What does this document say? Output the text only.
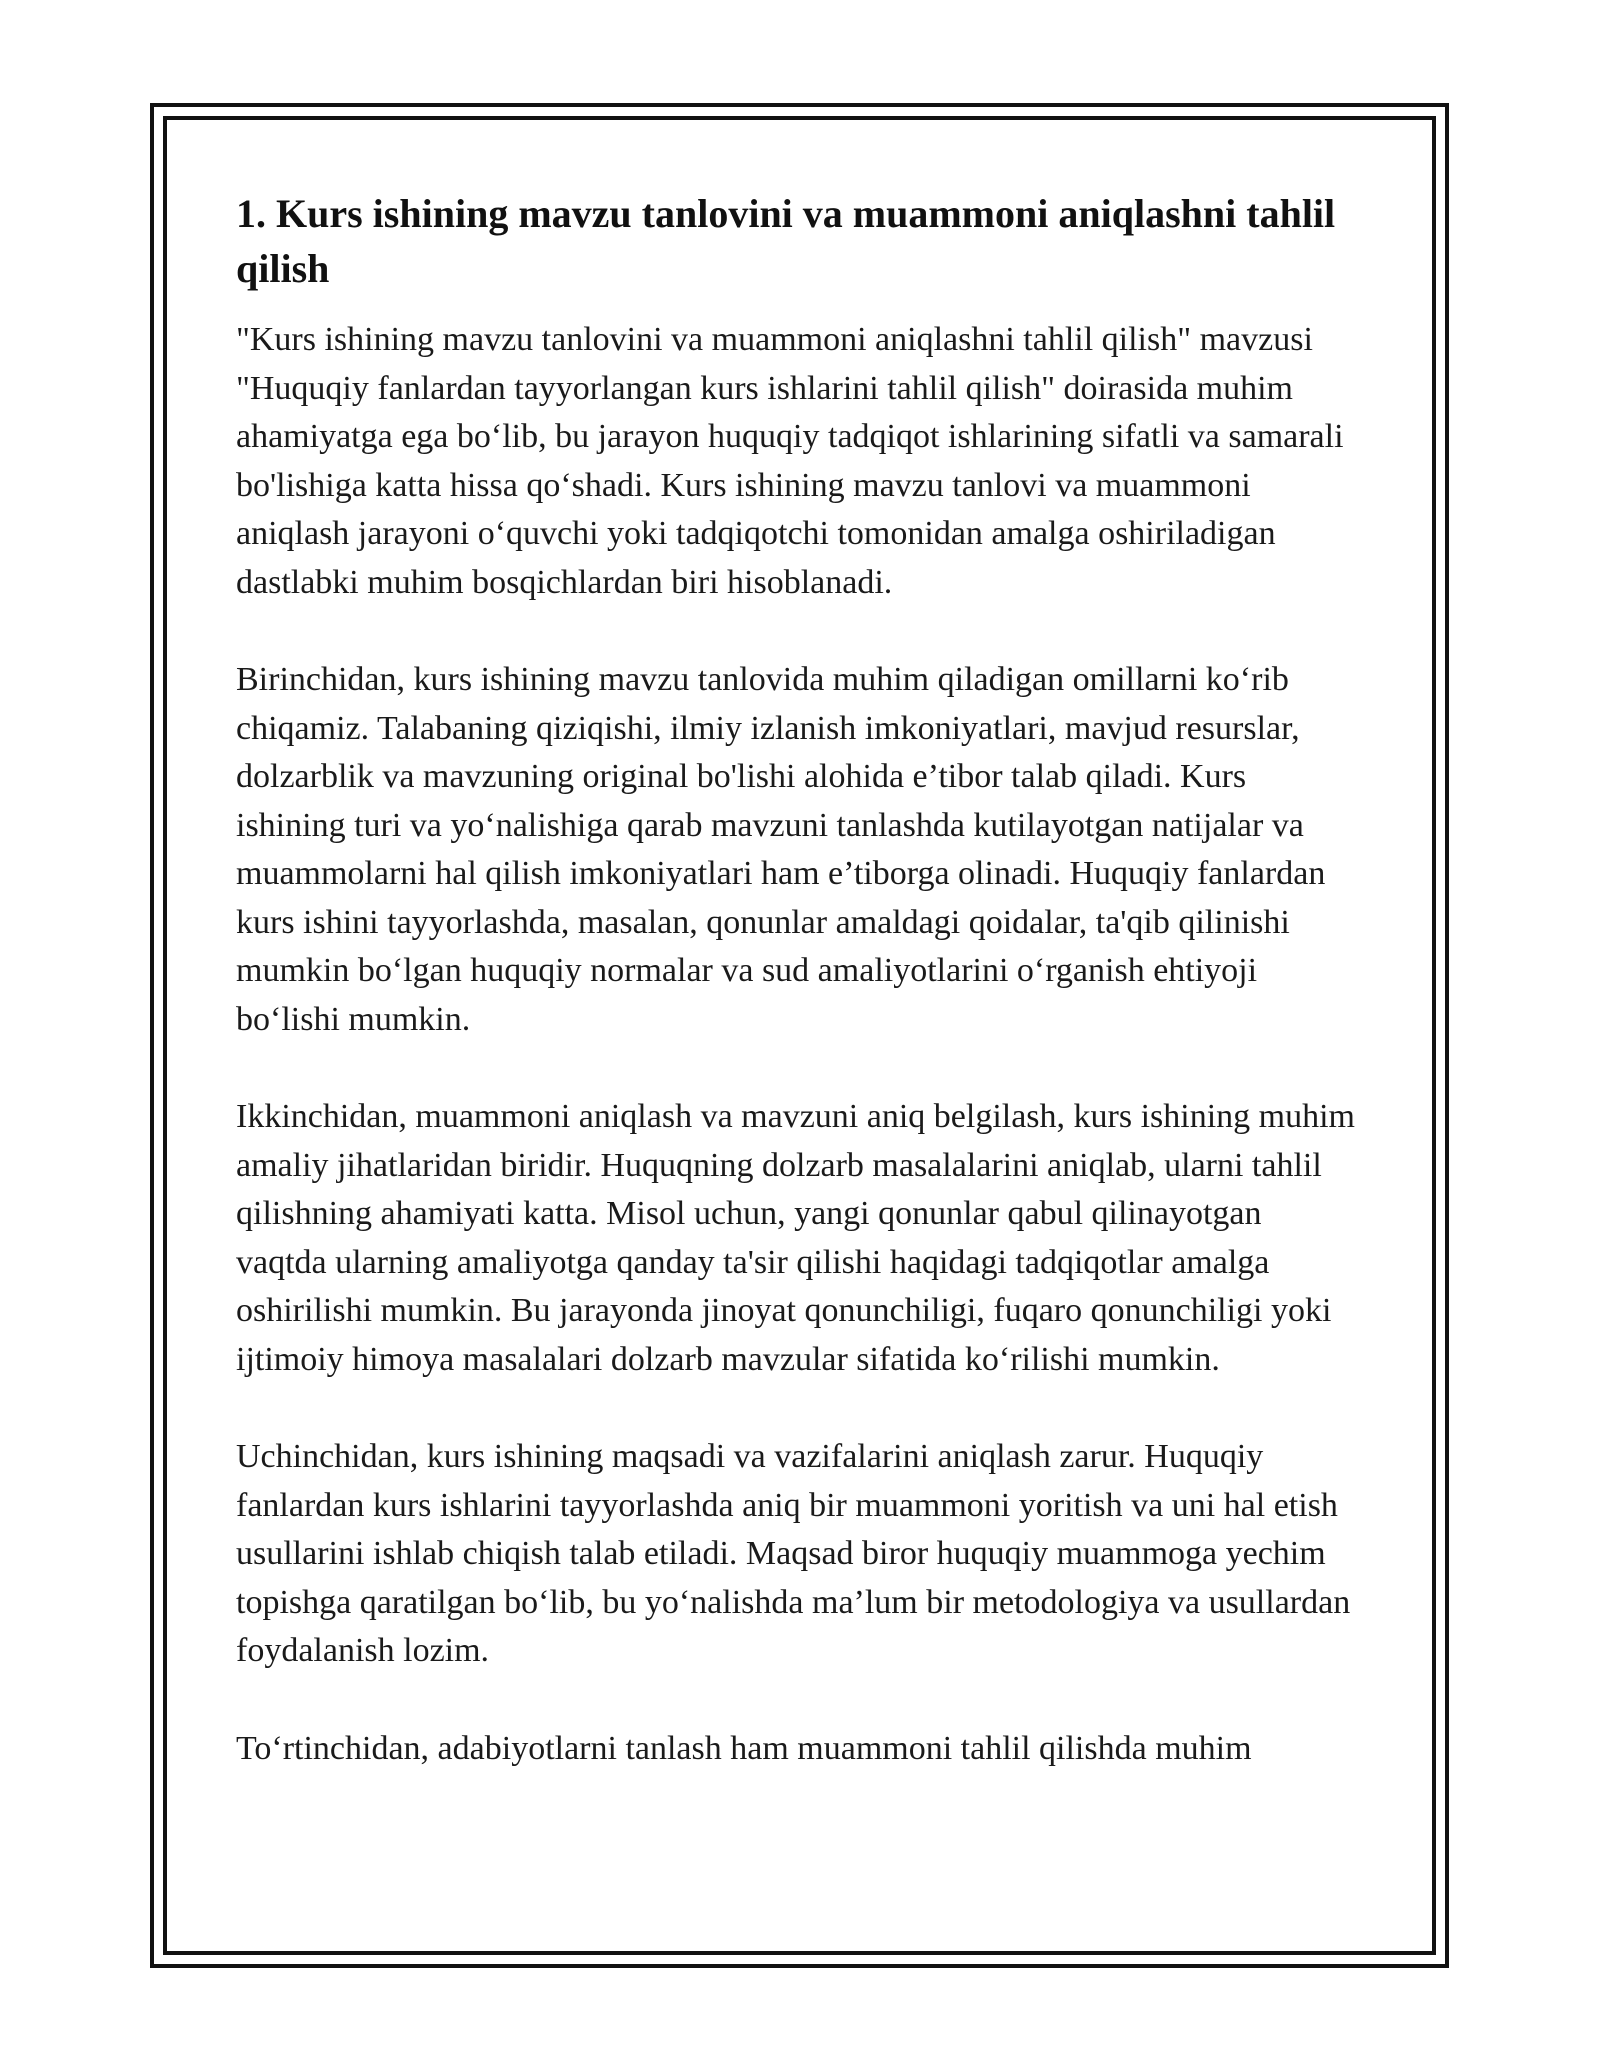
1. Kurs ishining mavzu tanlovini va muammoni aniqlashni tahlil qilish

"Kurs ishining mavzu tanlovini va muammoni aniqlashni tahlil qilish" mavzusi "Huquqiy fanlardan tayyorlangan kurs ishlarini tahlil qilish" doirasida muhim ahamiyatga ega bo‘lib, bu jarayon huquqiy tadqiqot ishlarining sifatli va samarali bo'lishiga katta hissa qo‘shadi. Kurs ishining mavzu tanlovi va muammoni aniqlash jarayoni o‘quvchi yoki tadqiqotchi tomonidan amalga oshiriladigan dastlabki muhim bosqichlardan biri hisoblanadi.

Birinchidan, kurs ishining mavzu tanlovida muhim qiladigan omillarni ko‘rib chiqamiz. Talabaning qiziqishi, ilmiy izlanish imkoniyatlari, mavjud resurslar, dolzarblik va mavzuning original bo'lishi alohida e’tibor talab qiladi. Kurs ishining turi va yo‘nalishiga qarab mavzuni tanlashda kutilayotgan natijalar va muammolarni hal qilish imkoniyatlari ham e’tiborga olinadi. Huquqiy fanlardan kurs ishini tayyorlashda, masalan, qonunlar amaldagi qoidalar, ta'qib qilinishi mumkin bo‘lgan huquqiy normalar va sud amaliyotlarini o‘rganish ehtiyoji bo‘lishi mumkin.

Ikkinchidan, muammoni aniqlash va mavzuni aniq belgilash, kurs ishining muhim amaliy jihatlaridan biridir. Huquqning dolzarb masalalarini aniqlab, ularni tahlil qilishning ahamiyati katta. Misol uchun, yangi qonunlar qabul qilinayotgan vaqtda ularning amaliyotga qanday ta'sir qilishi haqidagi tadqiqotlar amalga oshirilishi mumkin. Bu jarayonda jinoyat qonunchiligi, fuqaro qonunchiligi yoki ijtimoiy himoya masalalari dolzarb mavzular sifatida ko‘rilishi mumkin.

Uchinchidan, kurs ishining maqsadi va vazifalarini aniqlash zarur. Huquqiy fanlardan kurs ishlarini tayyorlashda aniq bir muammoni yoritish va uni hal etish usullarini ishlab chiqish talab etiladi. Maqsad biror huquqiy muammoga yechim topishga qaratilgan bo‘lib, bu yo‘nalishda ma’lum bir metodologiya va usullardan foydalanish lozim.

To‘rtinchidan, adabiyotlarni tanlash ham muammoni tahlil qilishda muhim
